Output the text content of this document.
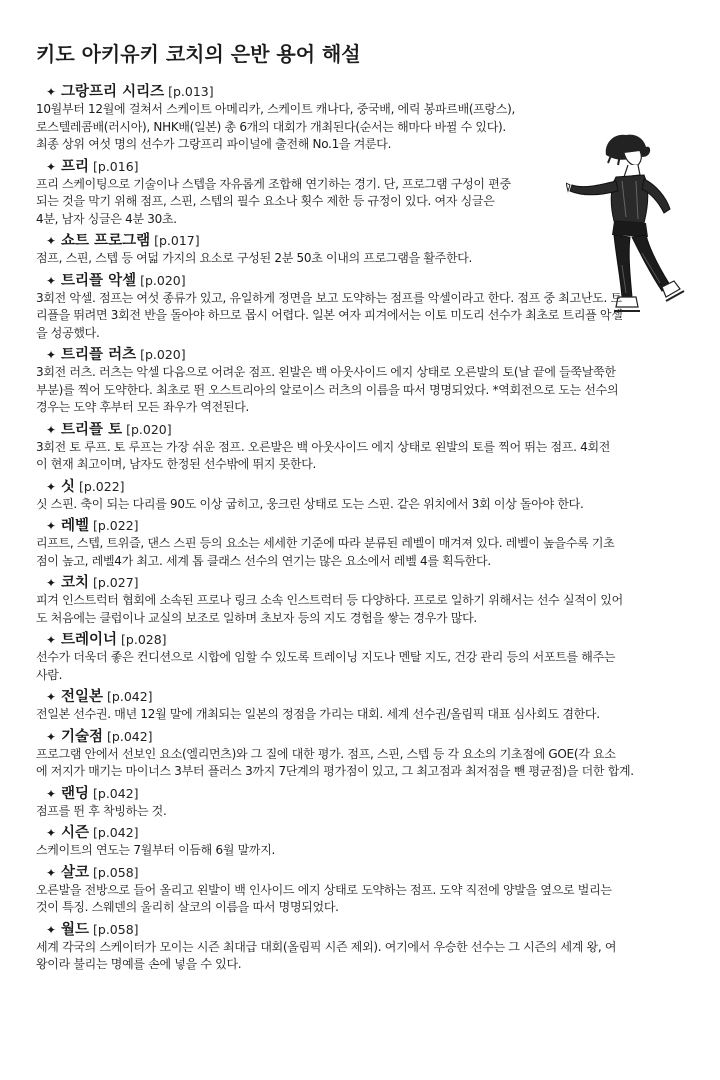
키도 아키유키 코치의 은반 용어 해설
✦ 그랑프리 시리즈 [p.013]
10월부터 12월에 걸쳐서 스케이트 아메리카, 스케이트 캐나다, 중국배, 에릭 봉파르배(프랑스),
로스텔레콤배(러시아), NHK배(일본) 총 6개의 대회가 개최된다(순서는 해마다 바뀔 수 있다).
최종 상위 여섯 명의 선수가 그랑프리 파이널에 출전해 No.1을 겨룬다.
✦ 프리 [p.016]
프리 스케이팅으로 기술이나 스텝을 자유롭게 조합해 연기하는 경기. 단, 프로그램 구성이 편중
되는 것을 막기 위해 점프, 스핀, 스텝의 필수 요소나 횟수 제한 등 규정이 있다. 여자 싱글은
4분, 남자 싱글은 4분 30초.
✦ 쇼트 프로그램 [p.017]
점프, 스핀, 스텝 등 여덟 가지의 요소로 구성된 2분 50초 이내의 프로그램을 활주한다.
✦ 트리플 악셀 [p.020]
3회전 악셀. 점프는 여섯 종류가 있고, 유일하게 정면을 보고 도약하는 점프를 악셀이라고 한다. 점프 중 최고난도. 트
리플을 뛰려면 3회전 반을 돌아야 하므로 몹시 어렵다. 일본 여자 피겨에서는 이토 미도리 선수가 최초로 트리플 악셀
을 성공했다.
✦ 트리플 러츠 [p.020]
3회전 러츠. 러츠는 악셀 다음으로 어려운 점프. 왼발은 백 아웃사이드 에지 상태로 오른발의 토(날 끝에 들쭉날쭉한
부분)를 찍어 도약한다. 최초로 뛴 오스트리아의 알로이스 러츠의 이름을 따서 명명되었다. *역회전으로 도는 선수의
경우는 도약 후부터 모든 좌우가 역전된다.
✦ 트리플 토 [p.020]
3회전 토 루프. 토 루프는 가장 쉬운 점프. 오른발은 백 아웃사이드 에지 상태로 왼발의 토를 찍어 뛰는 점프. 4회전
이 현재 최고이며, 남자도 한정된 선수밖에 뛰지 못한다.
✦ 싯 [p.022]
싯 스핀. 축이 되는 다리를 90도 이상 굽히고, 웅크린 상태로 도는 스핀. 같은 위치에서 3회 이상 돌아야 한다.
✦ 레벨 [p.022]
리프트, 스텝, 트위즐, 댄스 스핀 등의 요소는 세세한 기준에 따라 분류된 레벨이 매겨져 있다. 레벨이 높을수록 기초
점이 높고, 레벨4가 최고. 세계 톱 클래스 선수의 연기는 많은 요소에서 레벨 4를 획득한다.
✦ 코치 [p.027]
피겨 인스트럭터 협회에 소속된 프로나 링크 소속 인스트럭터 등 다양하다. 프로로 일하기 위해서는 선수 실적이 있어
도 처음에는 클럽이나 교실의 보조로 일하며 초보자 등의 지도 경험을 쌓는 경우가 많다.
✦ 트레이너 [p.028]
선수가 더욱더 좋은 컨디션으로 시합에 임할 수 있도록 트레이닝 지도나 멘탈 지도, 건강 관리 등의 서포트를 해주는
사람.
✦ 전일본 [p.042]
전일본 선수권. 매년 12월 말에 개최되는 일본의 정점을 가리는 대회. 세계 선수권/올림픽 대표 심사회도 겸한다.
✦ 기술점 [p.042]
프로그램 안에서 선보인 요소(엘리먼츠)와 그 질에 대한 평가. 점프, 스핀, 스텝 등 각 요소의 기초점에 GOE(각 요소
에 저지가 매기는 마이너스 3부터 플러스 3까지 7단계의 평가점이 있고, 그 최고점과 최저점을 뺀 평균점)을 더한 합계.
✦ 랜딩 [p.042]
점프를 뛴 후 착빙하는 것.
✦ 시즌 [p.042]
스케이트의 연도는 7월부터 이듬해 6월 말까지.
✦ 살코 [p.058]
오른발을 전방으로 들어 올리고 왼발이 백 인사이드 에지 상태로 도약하는 점프. 도약 직전에 양발을 옆으로 벌리는
것이 특징. 스웨덴의 울리히 살코의 이름을 따서 명명되었다.
✦ 월드 [p.058]
세계 각국의 스케이터가 모이는 시즌 최대급 대회(올림픽 시즌 제외). 여기에서 우승한 선수는 그 시즌의 세계 왕, 여
왕이라 불리는 명예를 손에 넣을 수 있다.
